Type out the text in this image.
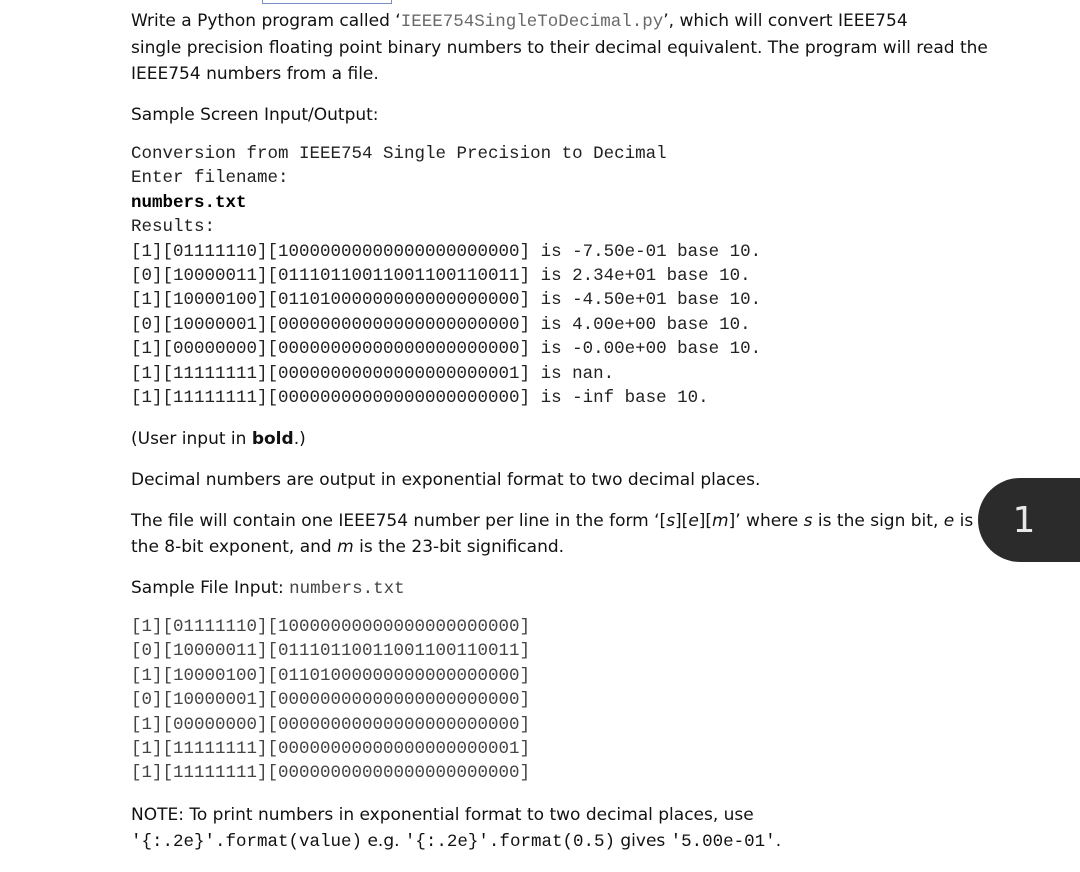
Write a Python program called ‘IEEE754SingleToDecimal.py’, which will convert IEEE754

single precision floating point binary numbers to their decimal equivalent. The program will read the

IEEE754 numbers from a file.

Sample Screen Input/Output:

Conversion from IEEE754 Single Precision to Decimal
Enter filename:
numbers.txt
Results:
[1][01111110][10000000000000000000000] is -7.50e-01 base 10.
[0][10000011][01110110011001100110011] is 2.34e+01 base 10.
[1][10000100][01101000000000000000000] is -4.50e+01 base 10.
[0][10000001][00000000000000000000000] is 4.00e+00 base 10.
[1][00000000][00000000000000000000000] is -0.00e+00 base 10.
[1][11111111][00000000000000000000001] is nan.
[1][11111111][00000000000000000000000] is -inf base 10.

(User input in bold.)

Decimal numbers are output in exponential format to two decimal places.

The file will contain one IEEE754 number per line in the form ‘[s][e][m]’ where s is the sign bit, e is

the 8-bit exponent, and m is the 23-bit significand.

Sample File Input: numbers.txt

[1][01111110][10000000000000000000000]
[0][10000011][01110110011001100110011]
[1][10000100][01101000000000000000000]
[0][10000001][00000000000000000000000]
[1][00000000][00000000000000000000000]
[1][11111111][00000000000000000000001]
[1][11111111][00000000000000000000000]

NOTE: To print numbers in exponential format to two decimal places, use

'{:.2e}'.format(value) e.g. '{:.2e}'.format(0.5) gives '5.00e-01'.

1
